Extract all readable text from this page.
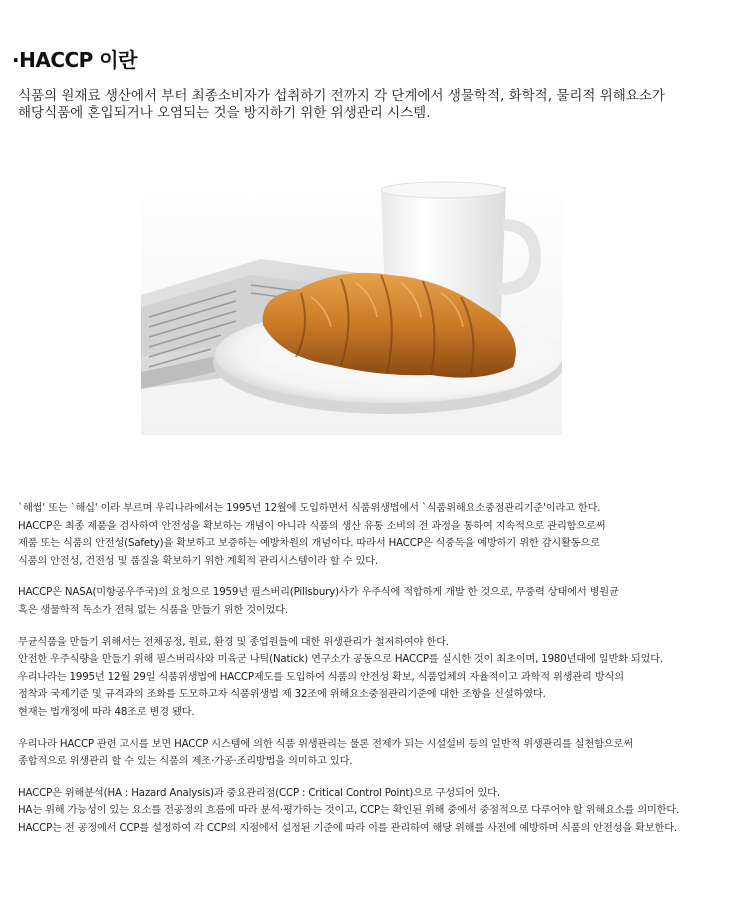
·HACCP 이란
식품의 원재료 생산에서 부터 최종소비자가 섭취하기 전까지 각 단계에서 생물학적, 화학적, 물리적 위해요소가
해당식품에 혼입되거나 오염되는 것을 방지하기 위한 위생관리 시스템.
`해썹' 또는 `해십' 이라 부르며 우리나라에서는 1995년 12월에 도입하면서 식품위생법에서 `식품위해요소중점관리기준'이라고 한다.
HACCP은 최종 제품을 검사하여 안전성을 확보하는 개념이 아니라 식품의 생산 유통 소비의 전 과정을 통하여 지속적으로 관리함으로써
제품 또는 식품의 안전성(Safety)을 확보하고 보증하는 예방차원의 개념이다. 따라서 HACCP은 식중독을 예방하기 위한 감시활동으로
식품의 안전성, 건전성 및 품질을 확보하기 위한 계획적 관리시스템이라 할 수 있다.
HACCP은 NASA(미항공우주국)의 요청으로 1959년 필스버리(Pillsbury)사가 우주식에 적합하게 개발 한 것으로, 무중력 상태에서 병원균
혹은 생물학적 독소가 전혀 없는 식품을 만들기 위한 것이었다.
무균식품을 만들기 위해서는 전체공정, 원료, 환경 및 종업원들에 대한 위생관리가 철저하여야 한다.
안전한 우주식량을 만들기 위해 필스버리사와 미육군 나틱(Natick) 연구소가 공동으로 HACCP를 실시한 것이 최초이며, 1980년대에 일반화 되었다.
우리나라는 1995년 12월 29일 식품위생법에 HACCP제도를 도입하여 식품의 안전성 확보, 식품업체의 자율적이고 과학적 위생관리 방식의
정착과 국제기준 및 규격과의 조화를 도모하고자 식품위생법 제 32조에 위해요소중점관리기준에 대한 조항을 신설하였다.
현재는 법개정에 따라 48조로 변경 됐다.
우리나라 HACCP 관련 고시를 보면 HACCP 시스템에 의한 식품 위생관리는 물론 전제가 되는 시설설비 등의 일반적 위생관리를 실천함으로써
종합적으로 위생관리 할 수 있는 식품의 제조·가공·조리방법을 의미하고 있다.
HACCP은 위해분석(HA : Hazard Analysis)과 중요관리점(CCP : Critical Control Point)으로 구성되어 있다.
HA는 위해 가능성이 있는 요소를 전공정의 흐름에 따라 분석·평가하는 것이고, CCP는 확인된 위해 중에서 중점적으로 다루어야 할 위해요소를 의미한다.
HACCP는 전 공정에서 CCP를 설정하여 각 CCP의 지점에서 설정된 기준에 따라 이를 관리하여 해당 위해를 사전에 예방하며 식품의 안전성을 확보한다.
